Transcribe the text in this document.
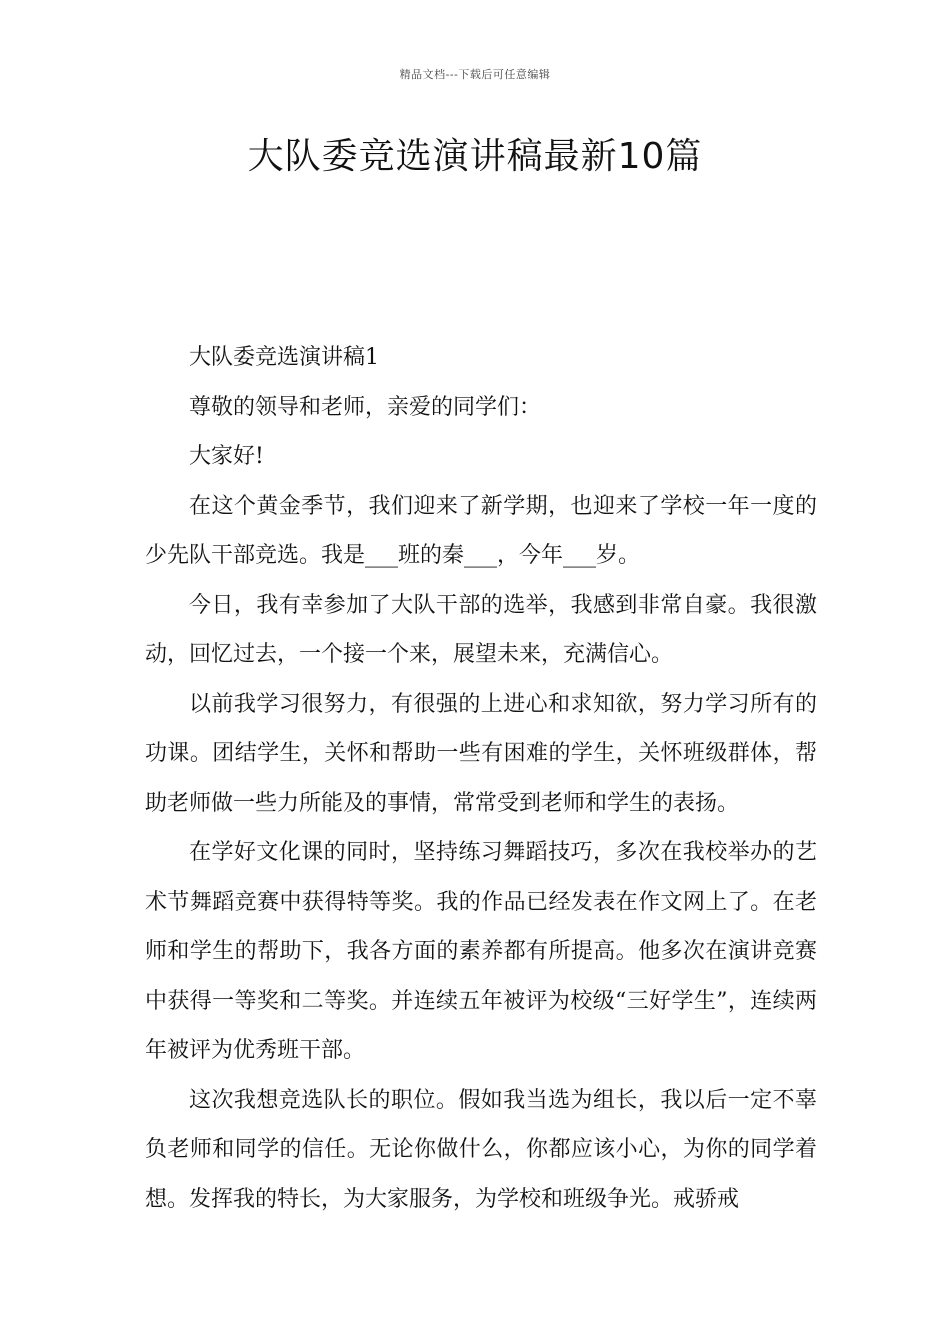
精品文档---下载后可任意编辑
大队委竞选演讲稿最新10篇

大队委竞选演讲稿1

尊敬的领导和老师，亲爱的同学们：

大家好!

在这个黄金季节，我们迎来了新学期，也迎来了学校一年一度的少先队干部竞选。我是___班的秦___，今年___岁。

今日，我有幸参加了大队干部的选举，我感到非常自豪。我很激动，回忆过去，一个接一个来，展望未来，充满信心。

以前我学习很努力，有很强的上进心和求知欲，努力学习所有的功课。团结学生，关怀和帮助一些有困难的学生，关怀班级群体，帮助老师做一些力所能及的事情，常常受到老师和学生的表扬。

在学好文化课的同时，坚持练习舞蹈技巧，多次在我校举办的艺术节舞蹈竞赛中获得特等奖。我的作品已经发表在作文网上了。在老师和学生的帮助下，我各方面的素养都有所提高。他多次在演讲竞赛中获得一等奖和二等奖。并连续五年被评为校级“三好学生”，连续两年被评为优秀班干部。

这次我想竞选队长的职位。假如我当选为组长，我以后一定不辜负老师和同学的信任。无论你做什么，你都应该小心，为你的同学着想。发挥我的特长，为大家服务，为学校和班级争光。戒骄戒
